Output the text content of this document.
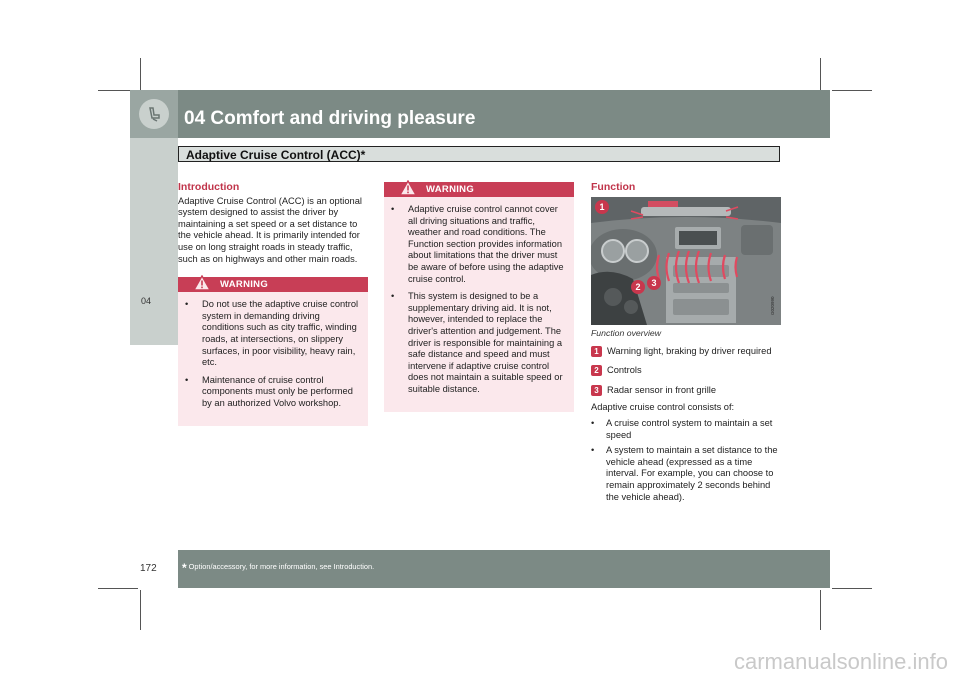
04 Comfort and driving pleasure
04
Adaptive Cruise Control (ACC)*
Introduction

Adaptive Cruise Control (ACC) is an optional system designed to assist the driver by maintaining a set speed or a set distance to the vehicle ahead. It is primarily intended for use on long straight roads in steady traffic, such as on highways and other main roads.

WARNING
• Do not use the adaptive cruise control system in demanding driving conditions such as city traffic, winding roads, at intersections, on slippery surfaces, in poor visibility, heavy rain, etc.
• Maintenance of cruise control components must only be performed by an authorized Volvo workshop.
WARNING
• Adaptive cruise control cannot cover all driving situations and traffic, weather and road conditions. The Function section provides information about limitations that the driver must be aware of before using the adaptive cruise control.
• This system is designed to be a supplementary driving aid. It is not, however, intended to replace the driver's attention and judgement. The driver is responsible for maintaining a safe distance and speed and must intervene if adaptive cruise control does not maintain a suitable speed or suitable distance.
Function
1
2 3
G020990
Function overview
1 Warning light, braking by driver required
2 Controls
3 Radar sensor in front grille

Adaptive cruise control consists of:

• A cruise control system to maintain a set speed
• A system to maintain a set distance to the vehicle ahead (expressed as a time interval. For example, you can choose to remain approximately 2 seconds behind the vehicle ahead).
172 * Option/accessory, for more information, see Introduction.
carmanualsonline.info
